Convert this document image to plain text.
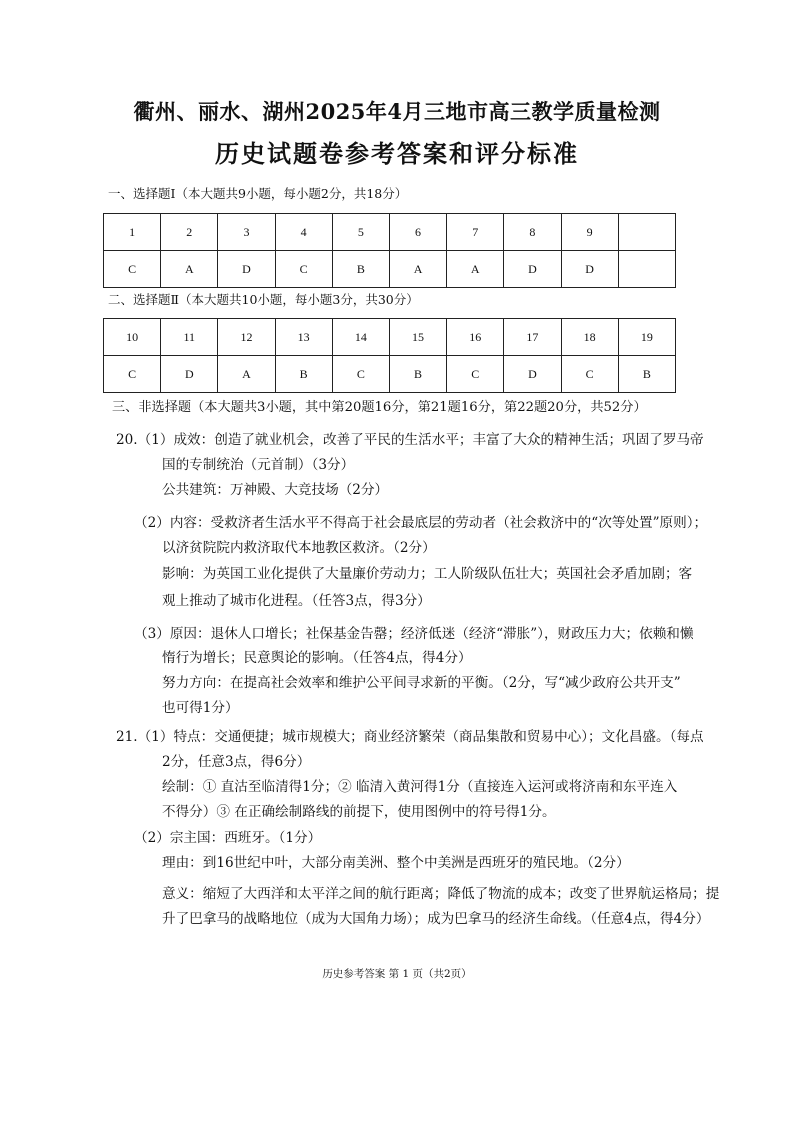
衢州、丽水、湖州2025年4月三地市高三教学质量检测
历史试题卷参考答案和评分标准
一、选择题Ⅰ（本大题共9小题，每小题2分，共18分）
1	2	3	4	5	6	7	8	9	
C	A	D	C	B	A	A	D	D	
二、选择题Ⅱ（本大题共10小题，每小题3分，共30分）
10	11	12	13	14	15	16	17	18	19
C	D	A	B	C	B	C	D	C	B
三、非选择题（本大题共3小题，其中第20题16分，第21题16分，第22题20分，共52分）
20.（1）成效：创造了就业机会，改善了平民的生活水平；丰富了大众的精神生活；巩固了罗马帝
国的专制统治（元首制）（3分）
公共建筑：万神殿、大竞技场（2分）
（2）内容：受救济者生活水平不得高于社会最底层的劳动者（社会救济中的“次等处置”原则）；
以济贫院院内救济取代本地教区救济。（2分）
影响：为英国工业化提供了大量廉价劳动力；工人阶级队伍壮大；英国社会矛盾加剧；客
观上推动了城市化进程。（任答3点，得3分）
（3）原因：退休人口增长；社保基金告罄；经济低迷（经济“滞胀”），财政压力大；依赖和懒
惰行为增长；民意舆论的影响。（任答4点，得4分）
努力方向：在提高社会效率和维护公平间寻求新的平衡。（2分，写“减少政府公共开支”
也可得1分）
21.（1）特点：交通便捷；城市规模大；商业经济繁荣（商品集散和贸易中心）；文化昌盛。（每点
2分，任意3点，得6分）
绘制：① 直沽至临清得1分；② 临清入黄河得1分（直接连入运河或将济南和东平连入
不得分）③ 在正确绘制路线的前提下，使用图例中的符号得1分。
（2）宗主国：西班牙。（1分）
理由：到16世纪中叶，大部分南美洲、整个中美洲是西班牙的殖民地。（2分）
意义：缩短了大西洋和太平洋之间的航行距离；降低了物流的成本；改变了世界航运格局；提
升了巴拿马的战略地位（成为大国角力场）；成为巴拿马的经济生命线。（任意4点，得4分）
历史参考答案 第 1 页（共2页）
